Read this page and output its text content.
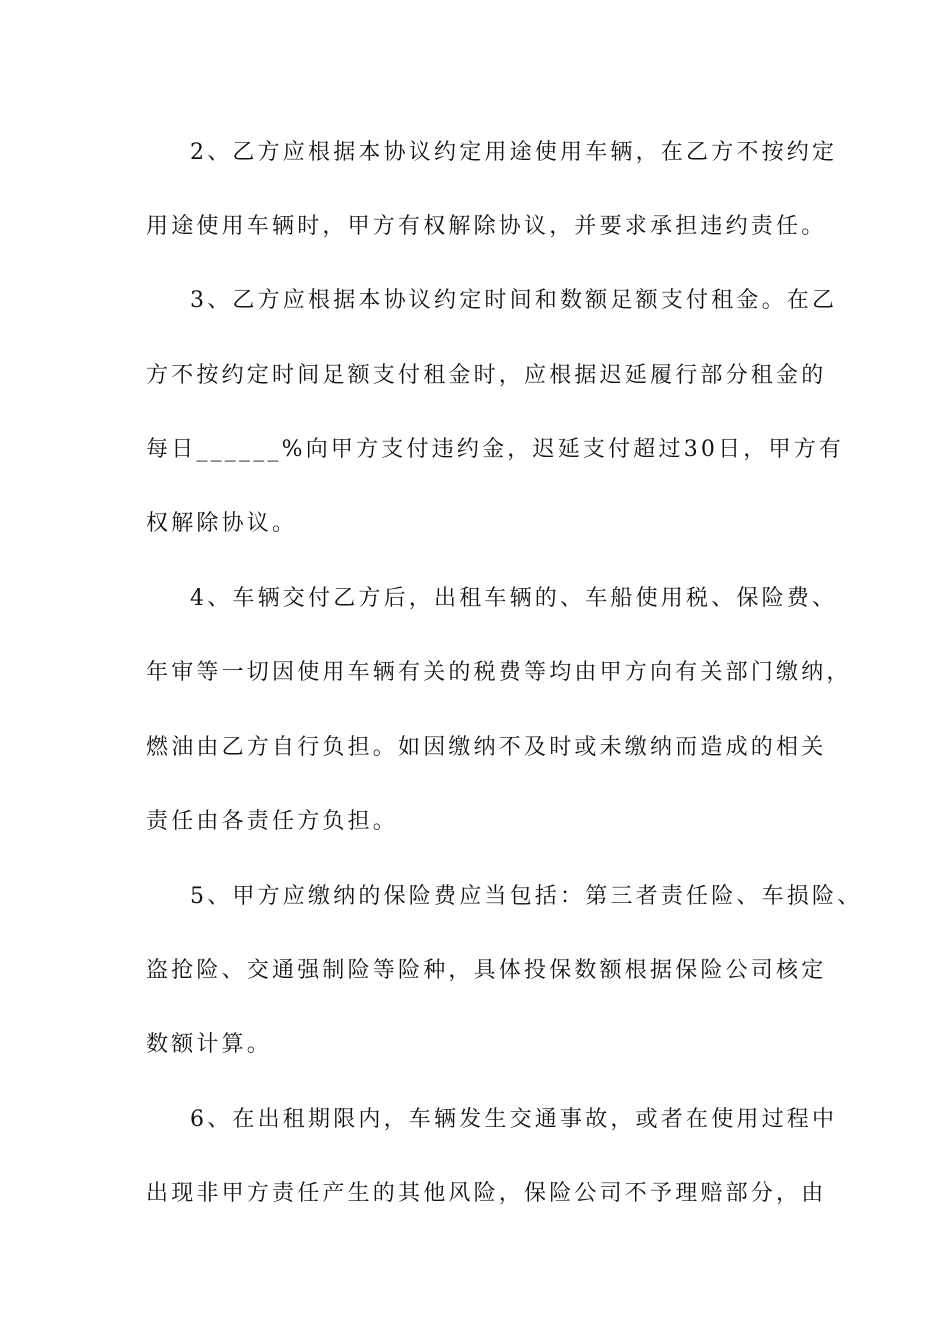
2、乙方应根据本协议约定用途使用车辆，在乙方不按约定

用途使用车辆时，甲方有权解除协议，并要求承担违约责任。

3、乙方应根据本协议约定时间和数额足额支付租金。在乙

方不按约定时间足额支付租金时，应根据迟延履行部分租金的

每日______%向甲方支付违约金，迟延支付超过30日，甲方有

权解除协议。

4、车辆交付乙方后，出租车辆的、车船使用税、保险费、

年审等一切因使用车辆有关的税费等均由甲方向有关部门缴纳，

燃油由乙方自行负担。如因缴纳不及时或未缴纳而造成的相关

责任由各责任方负担。

5、甲方应缴纳的保险费应当包括：第三者责任险、车损险、

盗抢险、交通强制险等险种，具体投保数额根据保险公司核定

数额计算。

6、在出租期限内，车辆发生交通事故，或者在使用过程中

出现非甲方责任产生的其他风险，保险公司不予理赔部分，由
